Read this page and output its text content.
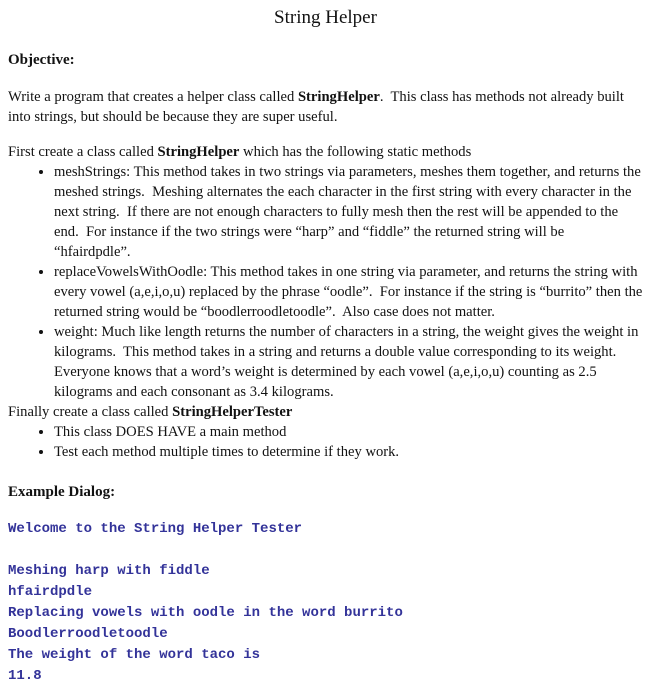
String Helper
Objective:

Write a program that creates a helper class called StringHelper.  This class has methods not already built into strings, but should be because they are super useful.

First create a class called StringHelper which has the following static methods

• meshStrings: This method takes in two strings via parameters, meshes them together, and returns the meshed strings.  Meshing alternates the each character in the first string with every character in the next string.  If there are not enough characters to fully mesh then the rest will be appended to the end.  For instance if the two strings were “harp” and “fiddle” the returned string will be “hfairdpdle”.
• replaceVowelsWithOodle: This method takes in one string via parameter, and returns the string with every vowel (a,e,i,o,u) replaced by the phrase “oodle”.  For instance if the string is “burrito” then the returned string would be “boodlerroodletoodle”.  Also case does not matter.
• weight: Much like length returns the number of characters in a string, the weight gives the weight in kilograms.  This method takes in a string and returns a double value corresponding to its weight.  Everyone knows that a word’s weight is determined by each vowel (a,e,i,o,u) counting as 2.5 kilograms and each consonant as 3.4 kilograms.

Finally create a class called StringHelperTester

• This class DOES HAVE a main method
• Test each method multiple times to determine if they work.
Example Dialog:
Welcome to the String Helper Tester
Meshing harp with fiddle
hfairdpdle
Replacing vowels with oodle in the word burrito
Boodlerroodletoodle
The weight of the word taco is
11.8
